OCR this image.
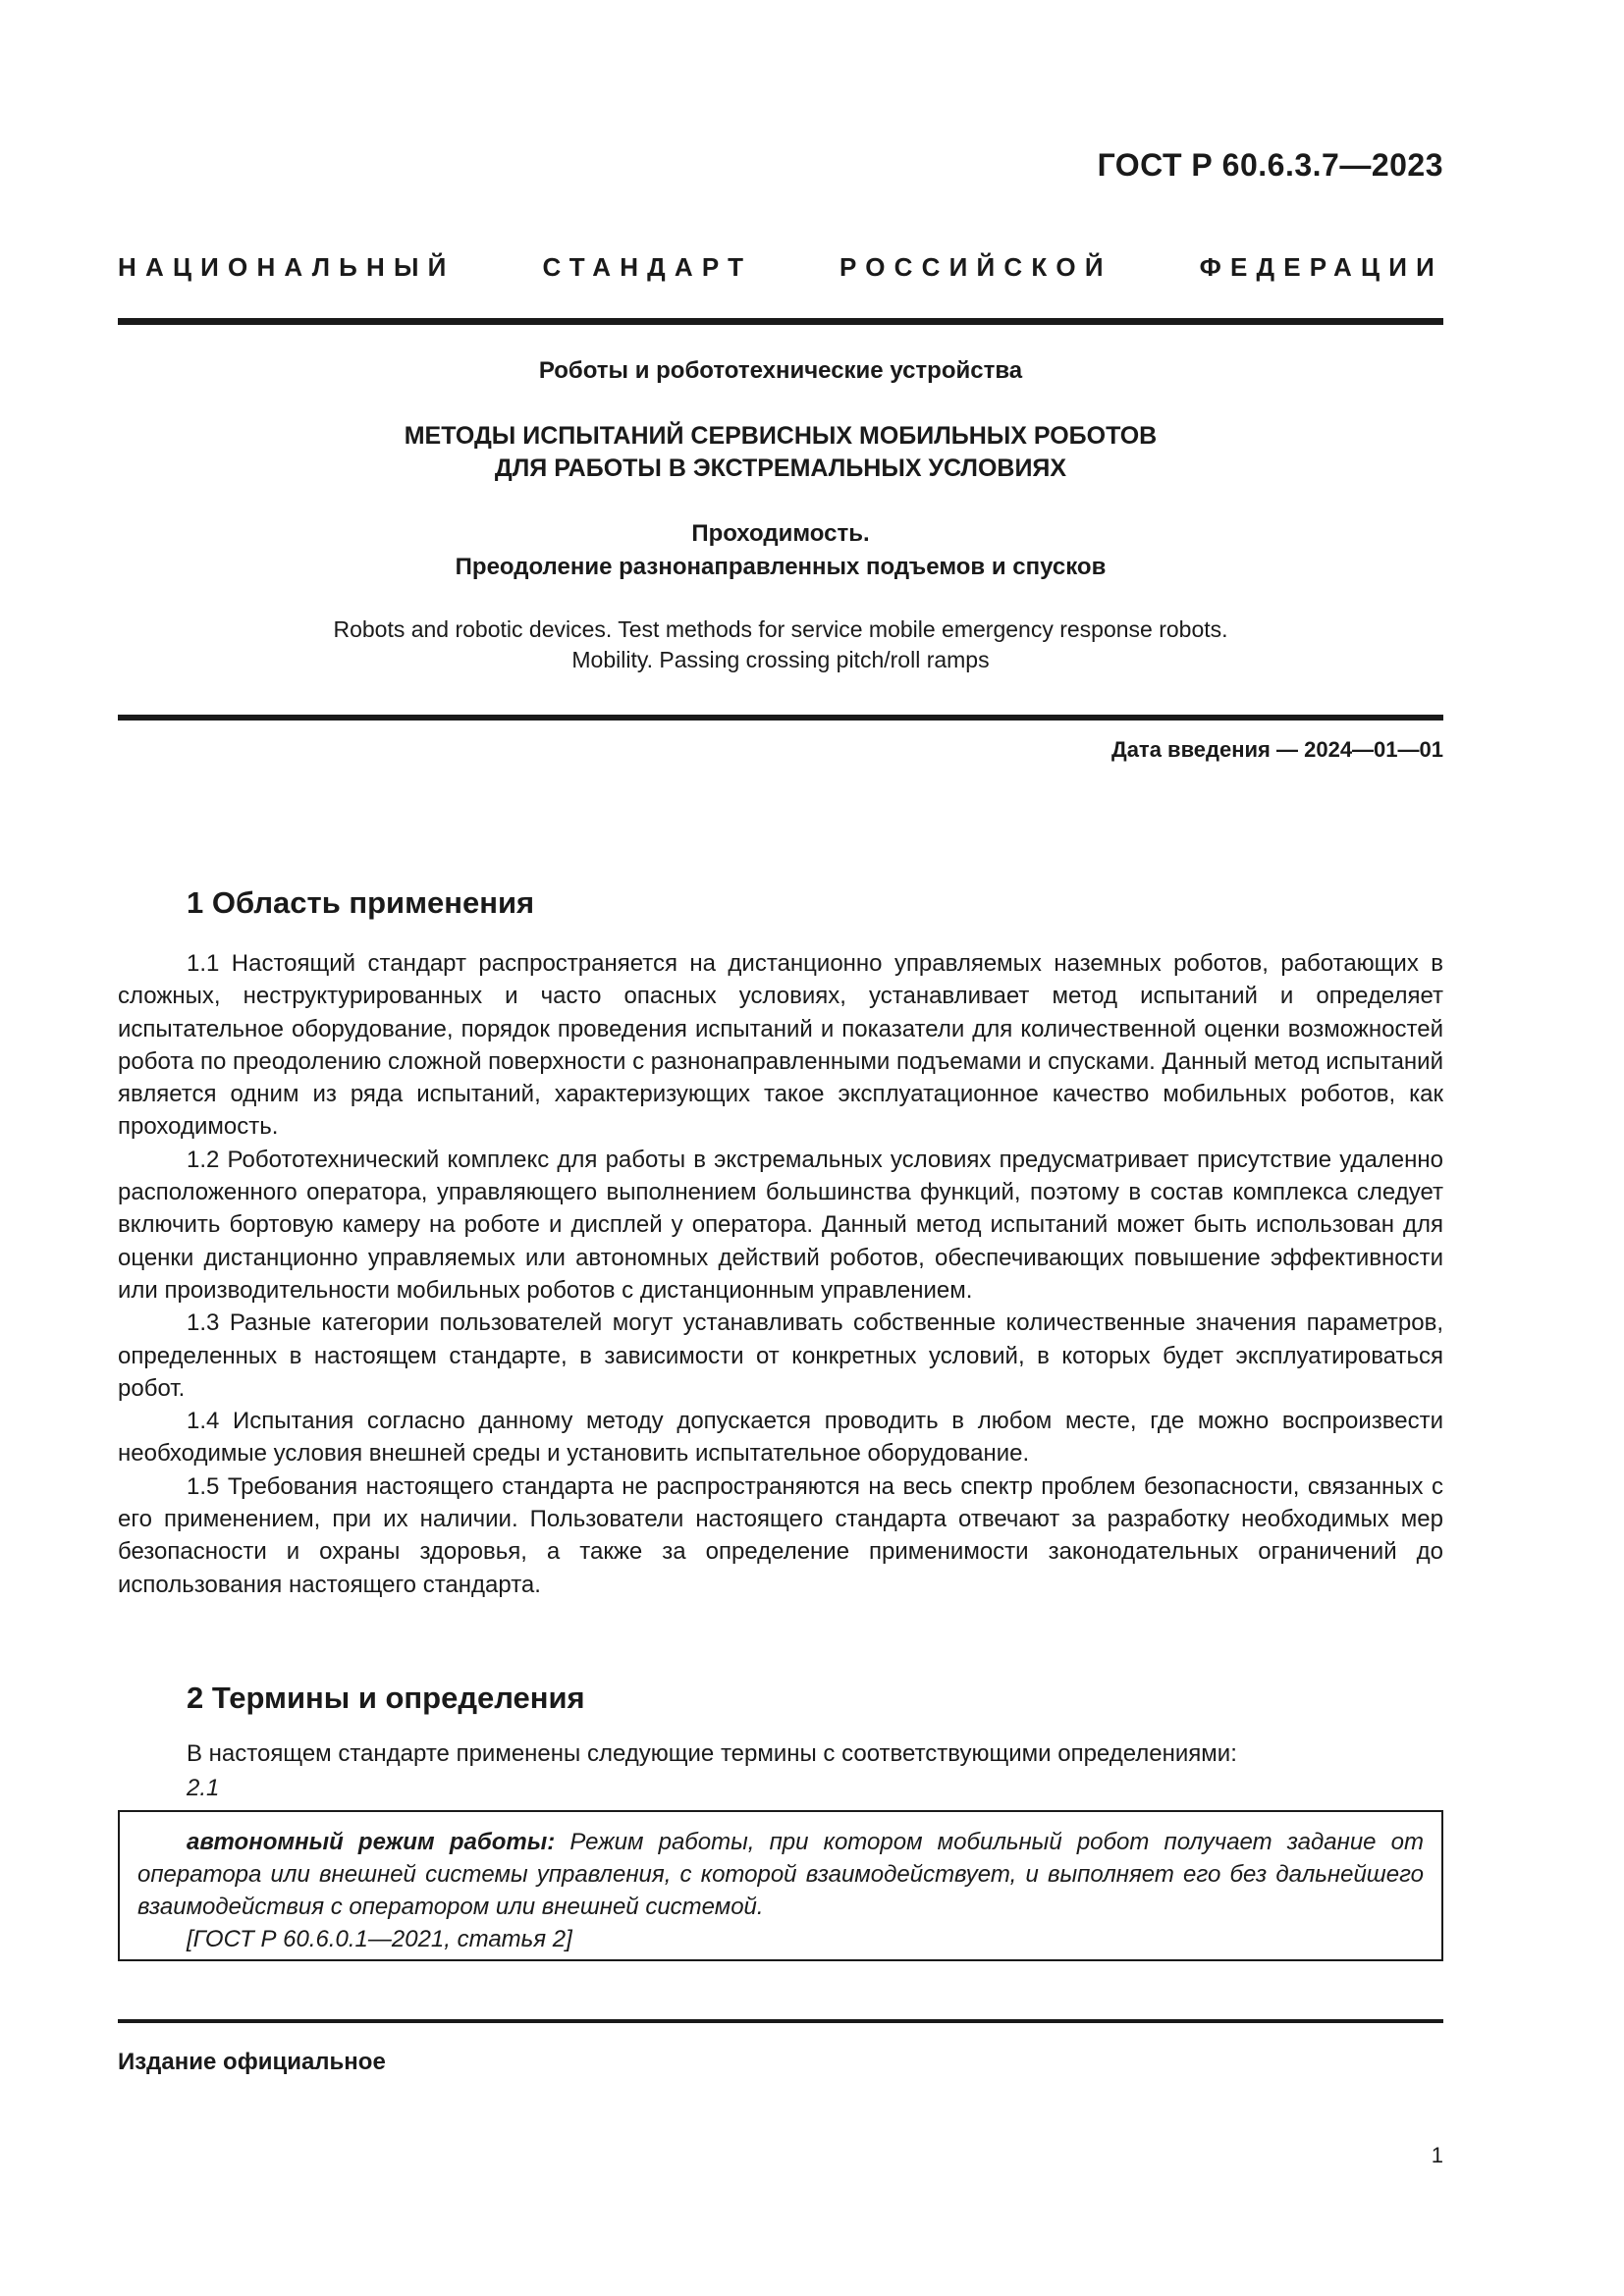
ГОСТ Р 60.6.3.7—2023
НАЦИОНАЛЬНЫЙ СТАНДАРТ РОССИЙСКОЙ ФЕДЕРАЦИИ
Роботы и робототехнические устройства
МЕТОДЫ ИСПЫТАНИЙ СЕРВИСНЫХ МОБИЛЬНЫХ РОБОТОВ
ДЛЯ РАБОТЫ В ЭКСТРЕМАЛЬНЫХ УСЛОВИЯХ
Проходимость.
Преодоление разнонаправленных подъемов и спусков
Robots and robotic devices. Test methods for service mobile emergency response robots.
Mobility. Passing crossing pitch/roll ramps
Дата введения — 2024—01—01
1 Область применения

1.1 Настоящий стандарт распространяется на дистанционно управляемых наземных роботов, работающих в сложных, неструктурированных и часто опасных условиях, устанавливает метод испытаний и определяет испытательное оборудование, порядок проведения испытаний и показатели для количественной оценки возможностей робота по преодолению сложной поверхности с разнонаправленными подъемами и спусками. Данный метод испытаний является одним из ряда испытаний, характеризующих такое эксплуатационное качество мобильных роботов, как проходимость.

1.2 Робототехнический комплекс для работы в экстремальных условиях предусматривает присутствие удаленно расположенного оператора, управляющего выполнением большинства функций, поэтому в состав комплекса следует включить бортовую камеру на роботе и дисплей у оператора. Данный метод испытаний может быть использован для оценки дистанционно управляемых или автономных действий роботов, обеспечивающих повышение эффективности или производительности мобильных роботов с дистанционным управлением.

1.3 Разные категории пользователей могут устанавливать собственные количественные значения параметров, определенных в настоящем стандарте, в зависимости от конкретных условий, в которых будет эксплуатироваться робот.

1.4 Испытания согласно данному методу допускается проводить в любом месте, где можно воспроизвести необходимые условия внешней среды и установить испытательное оборудование.

1.5 Требования настоящего стандарта не распространяются на весь спектр проблем безопасности, связанных с его применением, при их наличии. Пользователи настоящего стандарта отвечают за разработку необходимых мер безопасности и охраны здоровья, а также за определение применимости законодательных ограничений до использования настоящего стандарта.

2 Термины и определения
В настоящем стандарте применены следующие термины с соответствующими определениями:
2.1

автономный режим работы: Режим работы, при котором мобильный робот получает задание от оператора или внешней системы управления, с которой взаимодействует, и выполняет его без дальнейшего взаимодействия с оператором или внешней системой.

[ГОСТ Р 60.6.0.1—2021, статья 2]

Издание официальное
1
